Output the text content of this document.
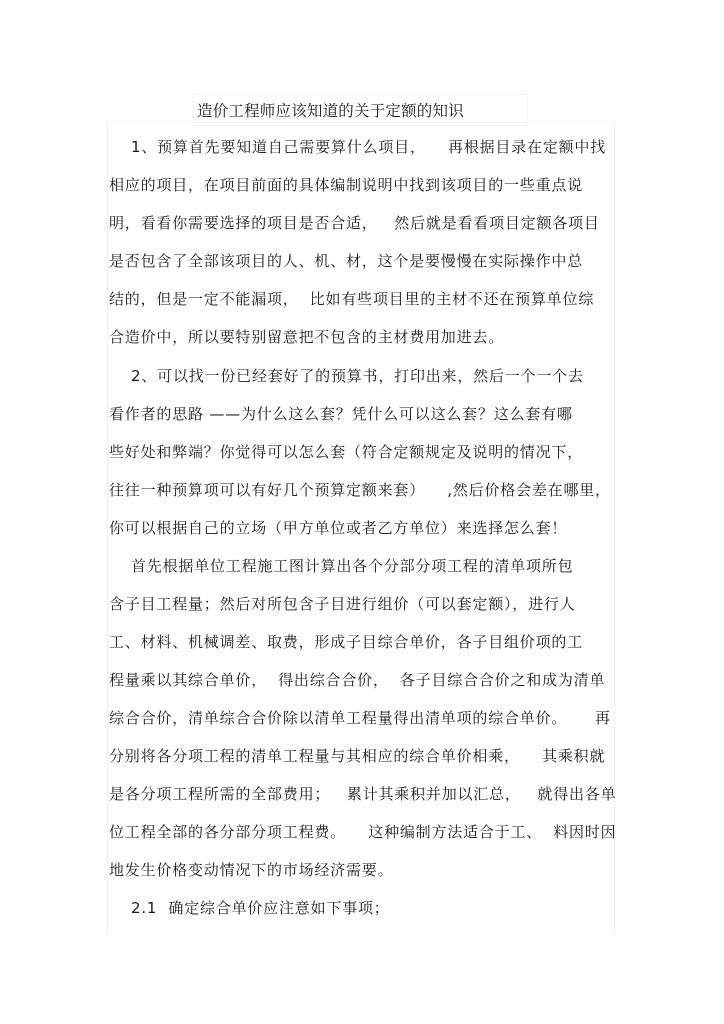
造价工程师应该知道的关于定额的知识
1、预算首先要知道自己需要算什么项目，    再根据目录在定额中找
相应的项目，在项目前面的具体编制说明中找到该项目的一些重点说
明，看看你需要选择的项目是否合适，   然后就是看看项目定额各项目
是否包含了全部该项目的人、机、材，这个是要慢慢在实际操作中总
结的，但是一定不能漏项，  比如有些项目里的主材不还在预算单位综
合造价中，所以要特别留意把不包含的主材费用加进去。
2、可以找一份已经套好了的预算书，打印出来，然后一个一个去
看作者的思路 ——为什么这么套？凭什么可以这么套？这么套有哪
些好处和弊端？你觉得可以怎么套（符合定额规定及说明的情况下，
往往一种预算项可以有好几个预算定额来套）    ,然后价格会差在哪里，
你可以根据自己的立场（甲方单位或者乙方单位）来选择怎么套！
首先根据单位工程施工图计算出各个分部分项工程的清单项所包
含子目工程量；然后对所包含子目进行组价（可以套定额），进行人
工、材料、机械调差、取费，形成子目综合单价，各子目组价项的工
程量乘以其综合单价，  得出综合合价，  各子目综合合价之和成为清单
综合合价，清单综合合价除以清单工程量得出清单项的综合单价。     再
分别将各分项工程的清单工程量与其相应的综合单价相乘，    其乘积就
是各分项工程所需的全部费用；   累计其乘积并加以汇总，   就得出各单
位工程全部的各分部分项工程费。    这种编制方法适合于工、  料因时因
地发生价格变动情况下的市场经济需要。
2.1  确定综合单价应注意如下事项；
